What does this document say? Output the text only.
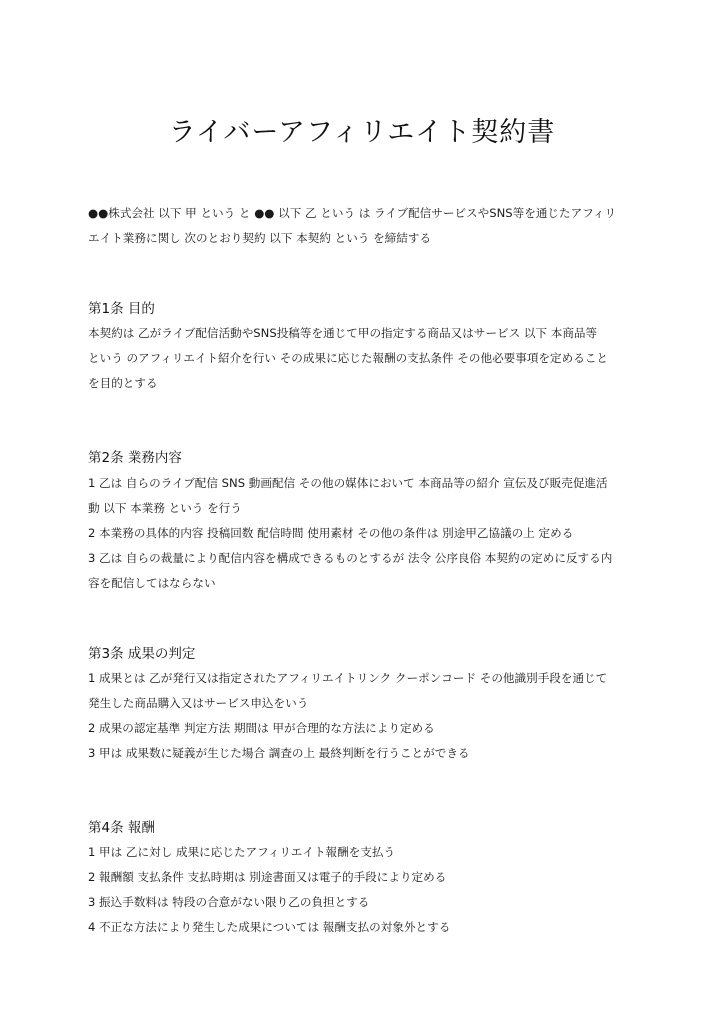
ライバーアフィリエイト契約書
●●株式会社 以下 甲 という と ●● 以下 乙 という は ライブ配信サービスやSNS等を通じたアフィリ
エイト業務に関し 次のとおり契約 以下 本契約 という を締結する
第1条 目的
本契約は 乙がライブ配信活動やSNS投稿等を通じて甲の指定する商品又はサービス 以下 本商品等
という のアフィリエイト紹介を行い その成果に応じた報酬の支払条件 その他必要事項を定めること
を目的とする
第2条 業務内容
1 乙は 自らのライブ配信 SNS 動画配信 その他の媒体において 本商品等の紹介 宣伝及び販売促進活
動 以下 本業務 という を行う
2 本業務の具体的内容 投稿回数 配信時間 使用素材 その他の条件は 別途甲乙協議の上 定める
3 乙は 自らの裁量により配信内容を構成できるものとするが 法令 公序良俗 本契約の定めに反する内
容を配信してはならない
第3条 成果の判定
1 成果とは 乙が発行又は指定されたアフィリエイトリンク クーポンコード その他識別手段を通じて
発生した商品購入又はサービス申込をいう
2 成果の認定基準 判定方法 期間は 甲が合理的な方法により定める
3 甲は 成果数に疑義が生じた場合 調査の上 最終判断を行うことができる
第4条 報酬
1 甲は 乙に対し 成果に応じたアフィリエイト報酬を支払う
2 報酬額 支払条件 支払時期は 別途書面又は電子的手段により定める
3 振込手数料は 特段の合意がない限り乙の負担とする
4 不正な方法により発生した成果については 報酬支払の対象外とする
